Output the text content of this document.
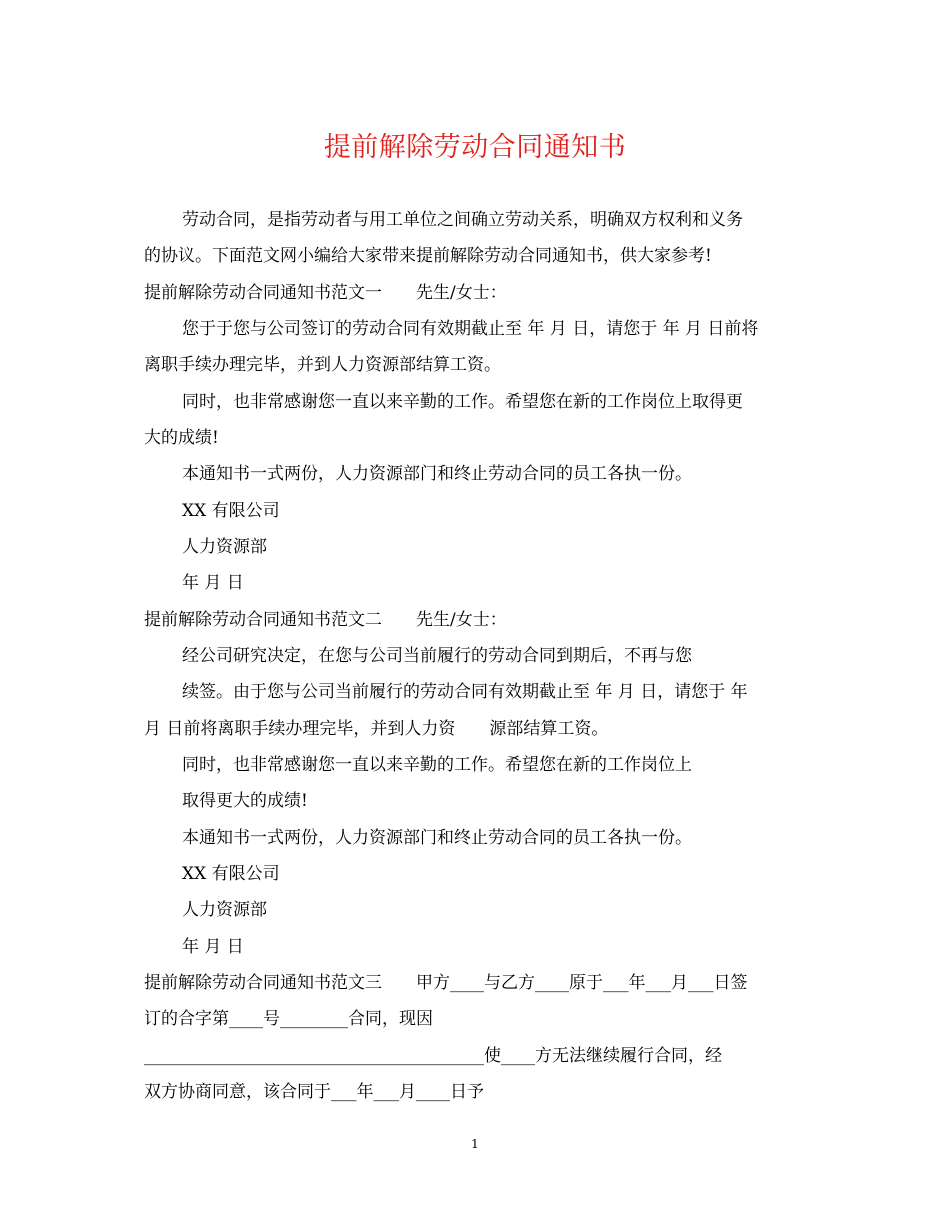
提前解除劳动合同通知书
劳动合同，是指劳动者与用工单位之间确立劳动关系，明确双方权利和义务
的协议。下面范文网小编给大家带来提前解除劳动合同通知书，供大家参考!
提前解除劳动合同通知书范文一　　先生/女士：
您于于您与公司签订的劳动合同有效期截止至 年 月 日，请您于 年 月 日前将
离职手续办理完毕，并到人力资源部结算工资。
同时，也非常感谢您一直以来辛勤的工作。希望您在新的工作岗位上取得更
大的成绩!
本通知书一式两份，人力资源部门和终止劳动合同的员工各执一份。
XX 有限公司
人力资源部
年 月 日
提前解除劳动合同通知书范文二　　先生/女士：
经公司研究决定，在您与公司当前履行的劳动合同到期后，不再与您
续签。由于您与公司当前履行的劳动合同有效期截止至 年 月 日，请您于 年
月 日前将离职手续办理完毕，并到人力资　　源部结算工资。
同时，也非常感谢您一直以来辛勤的工作。希望您在新的工作岗位上
取得更大的成绩!
本通知书一式两份，人力资源部门和终止劳动合同的员工各执一份。
XX 有限公司
人力资源部
年 月 日
提前解除劳动合同通知书范文三　　甲方____与乙方____原于___年___月___日签
订的合字第____号________合同，现因
________________________________________使____方无法继续履行合同，经
双方协商同意，该合同于___年___月____日予
1
